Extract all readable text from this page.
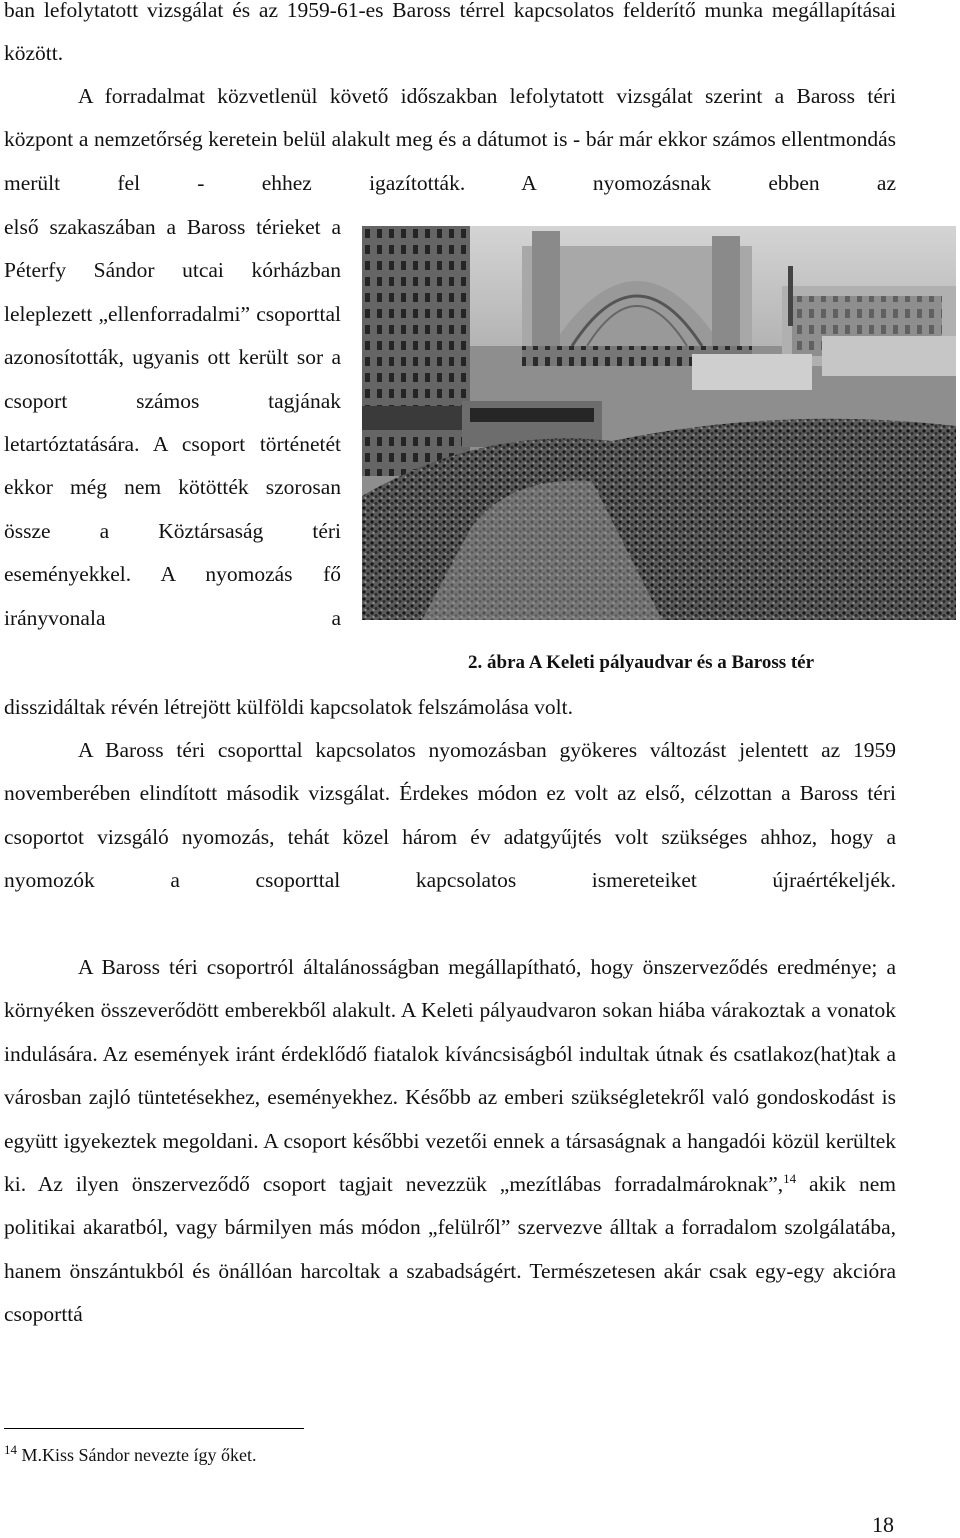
ban lefolytatott vizsgálat és az 1959-61-es Baross térrel kapcsolatos felderítő munka megállapításai között.

A forradalmat közvetlenül követő időszakban lefolytatott vizsgálat szerint a Baross téri központ a nemzetőrség keretein belül alakult meg és a dátumot is - bár már ekkor számos ellentmondás merült fel - ehhez igazították. A nyomozásnak ebben az

első szakaszában a Baross térieket a Péterfy Sándor utcai kórházban leleplezett „ellenforradalmi” csoporttal azonosították, ugyanis ott került sor a csoport számos tagjának letartóztatására. A csoport történetét ekkor még nem kötötték szorosan össze a Köztársaság téri eseményekkel. A nyomozás fő irányvonala a

2. ábra A Keleti pályaudvar és a Baross tér

disszidáltak révén létrejött külföldi kapcsolatok felszámolása volt.

A Baross téri csoporttal kapcsolatos nyomozásban gyökeres változást jelentett az 1959 novemberében elindított második vizsgálat. Érdekes módon ez volt az első, célzottan a Baross téri csoportot vizsgáló nyomozás, tehát közel három év adatgyűjtés volt szükséges ahhoz, hogy a nyomozók a csoporttal kapcsolatos ismereteiket újraértékeljék.

A Baross téri csoportról általánosságban megállapítható, hogy önszerveződés eredménye; a környéken összeverődött emberekből alakult. A Keleti pályaudvaron sokan hiába várakoztak a vonatok indulására. Az események iránt érdeklődő fiatalok kíváncsiságból indultak útnak és csatlakoz(hat)tak a városban zajló tüntetésekhez, eseményekhez. Később az emberi szükségletekről való gondoskodást is együtt igyekeztek megoldani. A csoport későbbi vezetői ennek a társaságnak a hangadói közül kerültek ki. Az ilyen önszerveződő csoport tagjait nevezzük „mezítlábas forradalmároknak”,$^{14}$ akik nem politikai akaratból, vagy bármilyen más módon „felülről” szervezve álltak a forradalom szolgálatába, hanem önszántukból és önállóan harcoltak a szabadságért. Természetesen akár csak egy-egy akcióra csoporttá

$^{14}$ M.Kiss Sándor nevezte így őket.
18
